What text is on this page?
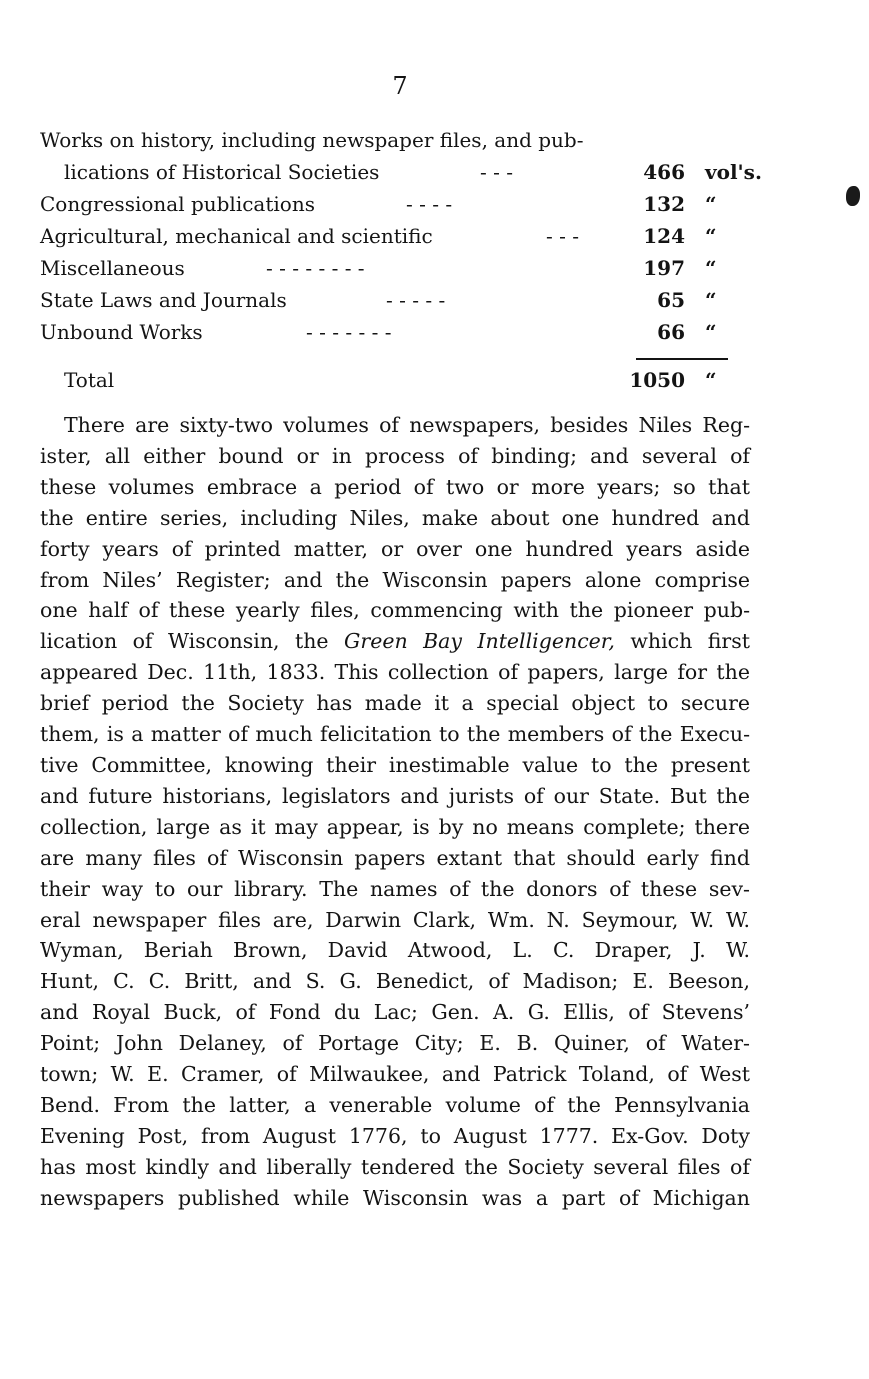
7
Works on history, including newspaper files, and pub-
lications of Historical Societies	- - -	466 vol's.
Congressional publications	- - - -	132 “
Agricultural, mechanical and scientific	- - -	124 “
Miscellaneous	- - - - - - - -	197 “
State Laws and Journals	- - - - -	65 “
Unbound Works	- - - - - - -	66 “
Total	1050 “
There are sixty-two volumes of newspapers, besides Niles Reg-
ister, all either bound or in process of binding; and several of
these volumes embrace a period of two or more years; so that
the entire series, including Niles, make about one hundred and
forty years of printed matter, or over one hundred years aside
from Niles’ Register; and the Wisconsin papers alone comprise
one half of these yearly files, commencing with the pioneer pub-
lication of Wisconsin, the Green Bay Intelligencer, which first
appeared Dec. 11th, 1833. This collection of papers, large for the
brief period the Society has made it a special object to secure
them, is a matter of much felicitation to the members of the Execu-
tive Committee, knowing their inestimable value to the present
and future historians, legislators and jurists of our State. But the
collection, large as it may appear, is by no means complete; there
are many files of Wisconsin papers extant that should early find
their way to our library. The names of the donors of these sev-
eral newspaper files are, Darwin Clark, Wm. N. Seymour, W. W.
Wyman, Beriah Brown, David Atwood, L. C. Draper, J. W.
Hunt, C. C. Britt, and S. G. Benedict, of Madison; E. Beeson,
and Royal Buck, of Fond du Lac; Gen. A. G. Ellis, of Stevens’
Point; John Delaney, of Portage City; E. B. Quiner, of Water-
town; W. E. Cramer, of Milwaukee, and Patrick Toland, of West
Bend. From the latter, a venerable volume of the Pennsylvania
Evening Post, from August 1776, to August 1777. Ex-Gov. Doty
has most kindly and liberally tendered the Society several files of
newspapers published while Wisconsin was a part of Michigan
